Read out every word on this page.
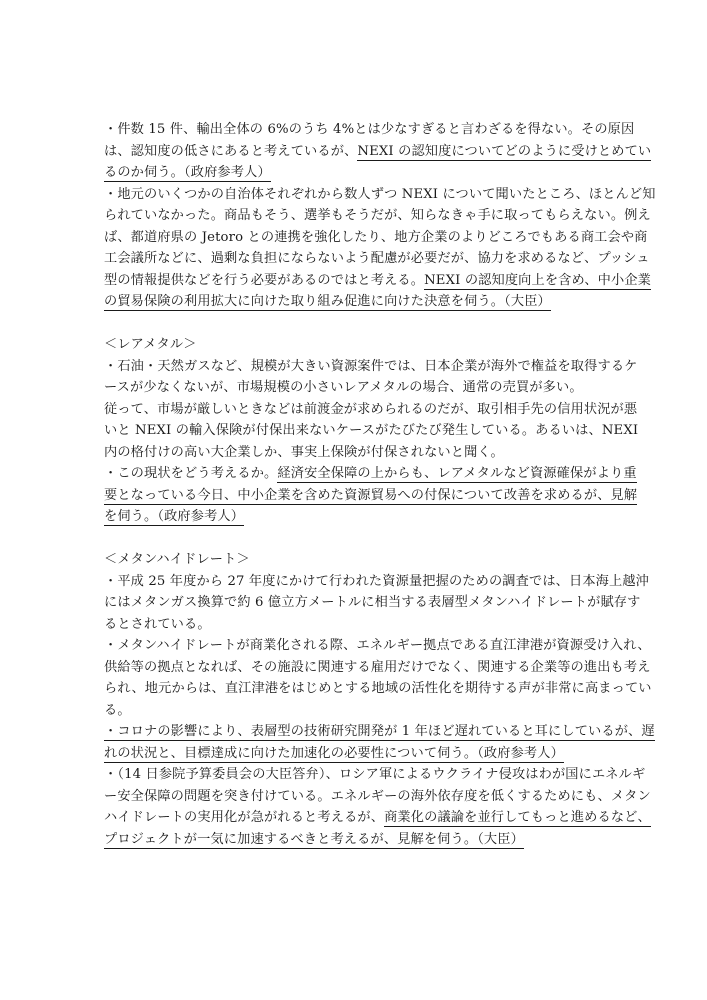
・件数 15 件、輸出全体の 6%のうち 4%とは少なすぎると言わざるを得ない。その原因
は、認知度の低さにあると考えているが、NEXI の認知度についてどのように受けとめてい
るのか伺う。（政府参考人）
・地元のいくつかの自治体それぞれから数人ずつ NEXI について聞いたところ、ほとんど知
られていなかった。商品もそう、選挙もそうだが、知らなきゃ手に取ってもらえない。例え
ば、都道府県の Jetoro との連携を強化したり、地方企業のよりどころでもある商工会や商
工会議所などに、過剰な負担にならないよう配慮が必要だが、協力を求めるなど、プッシュ
型の情報提供などを行う必要があるのではと考える。NEXI の認知度向上を含め、中小企業
の貿易保険の利用拡大に向けた取り組み促進に向けた決意を伺う。（大臣）
＜レアメタル＞
・石油・天然ガスなど、規模が大きい資源案件では、日本企業が海外で権益を取得するケ
ースが少なくないが、市場規模の小さいレアメタルの場合、通常の売買が多い。
従って、市場が厳しいときなどは前渡金が求められるのだが、取引相手先の信用状況が悪
いと NEXI の輸入保険が付保出来ないケースがたびたび発生している。あるいは、NEXI
内の格付けの高い大企業しか、事実上保険が付保されないと聞く。
・この現状をどう考えるか。経済安全保障の上からも、レアメタルなど資源確保がより重
要となっている今日、中小企業を含めた資源貿易への付保について改善を求めるが、見解
を伺う。（政府参考人）
＜メタンハイドレート＞
・平成 25 年度から 27 年度にかけて行われた資源量把握のための調査では、日本海上越沖
にはメタンガス換算で約 6 億立方メートルに相当する表層型メタンハイドレートが賦存す
るとされている。
・メタンハイドレートが商業化される際、エネルギー拠点である直江津港が資源受け入れ、
供給等の拠点となれば、その施設に関連する雇用だけでなく、関連する企業等の進出も考え
られ、地元からは、直江津港をはじめとする地域の活性化を期待する声が非常に高まってい
る。
・コロナの影響により、表層型の技術研究開発が 1 年ほど遅れていると耳にしているが、遅
れの状況と、目標達成に向けた加速化の必要性について伺う。（政府参考人）
・（14 日参院予算委員会の大臣答弁）、ロシア軍によるウクライナ侵攻はわが国にエネルギ
ー安全保障の問題を突き付けている。エネルギーの海外依存度を低くするためにも、メタン
ハイドレートの実用化が急がれると考えるが、商業化の議論を並行してもっと進めるなど、
プロジェクトが一気に加速するべきと考えるが、見解を伺う。（大臣）
